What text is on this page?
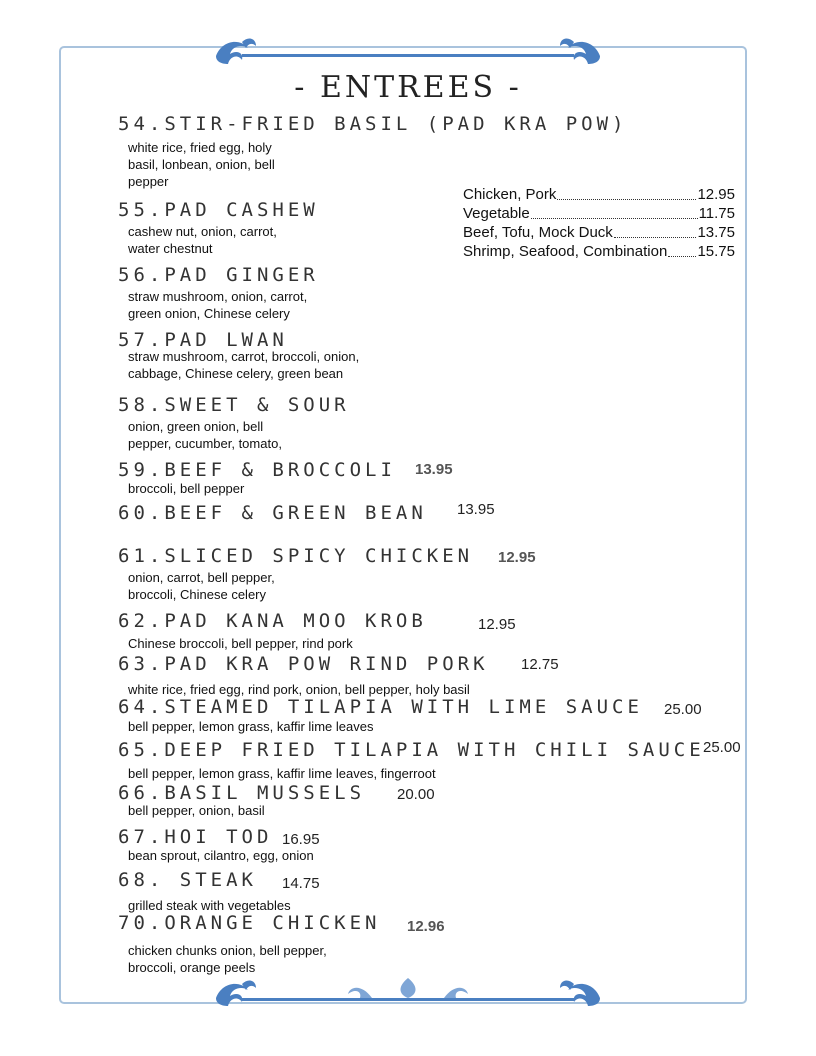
- ENTREES -
Chicken, Pork	12.95
Vegetable	11.75
Beef, Tofu, Mock Duck	13.75
Shrimp, Seafood, Combination 15.75
54.STIR-FRIED BASIL (PAD KRA POW)
white rice, fried egg, holy basil, lonbean, onion, bell pepper
55.PAD CASHEW
cashew nut, onion, carrot, water chestnut
56.PAD GINGER
straw mushroom, onion, carrot, green onion, Chinese celery
57.PAD LWAN
straw mushroom, carrot, broccoli, onion, cabbage, Chinese celery, green bean
58.SWEET & SOUR
onion, green onion, bell pepper, cucumber, tomato,
59.BEEF & BROCCOLI 13.95
broccoli, bell pepper
60.BEEF & GREEN BEAN 13.95
61.SLICED SPICY CHICKEN 12.95
onion, carrot, bell pepper, broccoli, Chinese celery
62.PAD KANA MOO KROB	12.95
Chinese broccoli, bell pepper, rind pork
63.PAD KRA POW RIND PORK 12.75
white rice, fried egg, rind pork, onion, bell pepper, holy basil
64.STEAMED TILAPIA WITH LIME SAUCE 25.00
bell pepper, lemon grass, kaffir lime leaves
65.DEEP FRIED TILAPIA WITH CHILI SAUCE
25.00
bell pepper, lemon grass, kaffir lime leaves, fingerroot
66.BASIL MUSSELS 20.00
bell pepper, onion, basil
67.HOI TOD 16.95
bean sprout, cilantro, egg, onion
68. STEAK 14.75
grilled steak with vegetables
70.ORANGE CHICKEN 12.96
chicken chunks onion, bell pepper, broccoli, orange peels
